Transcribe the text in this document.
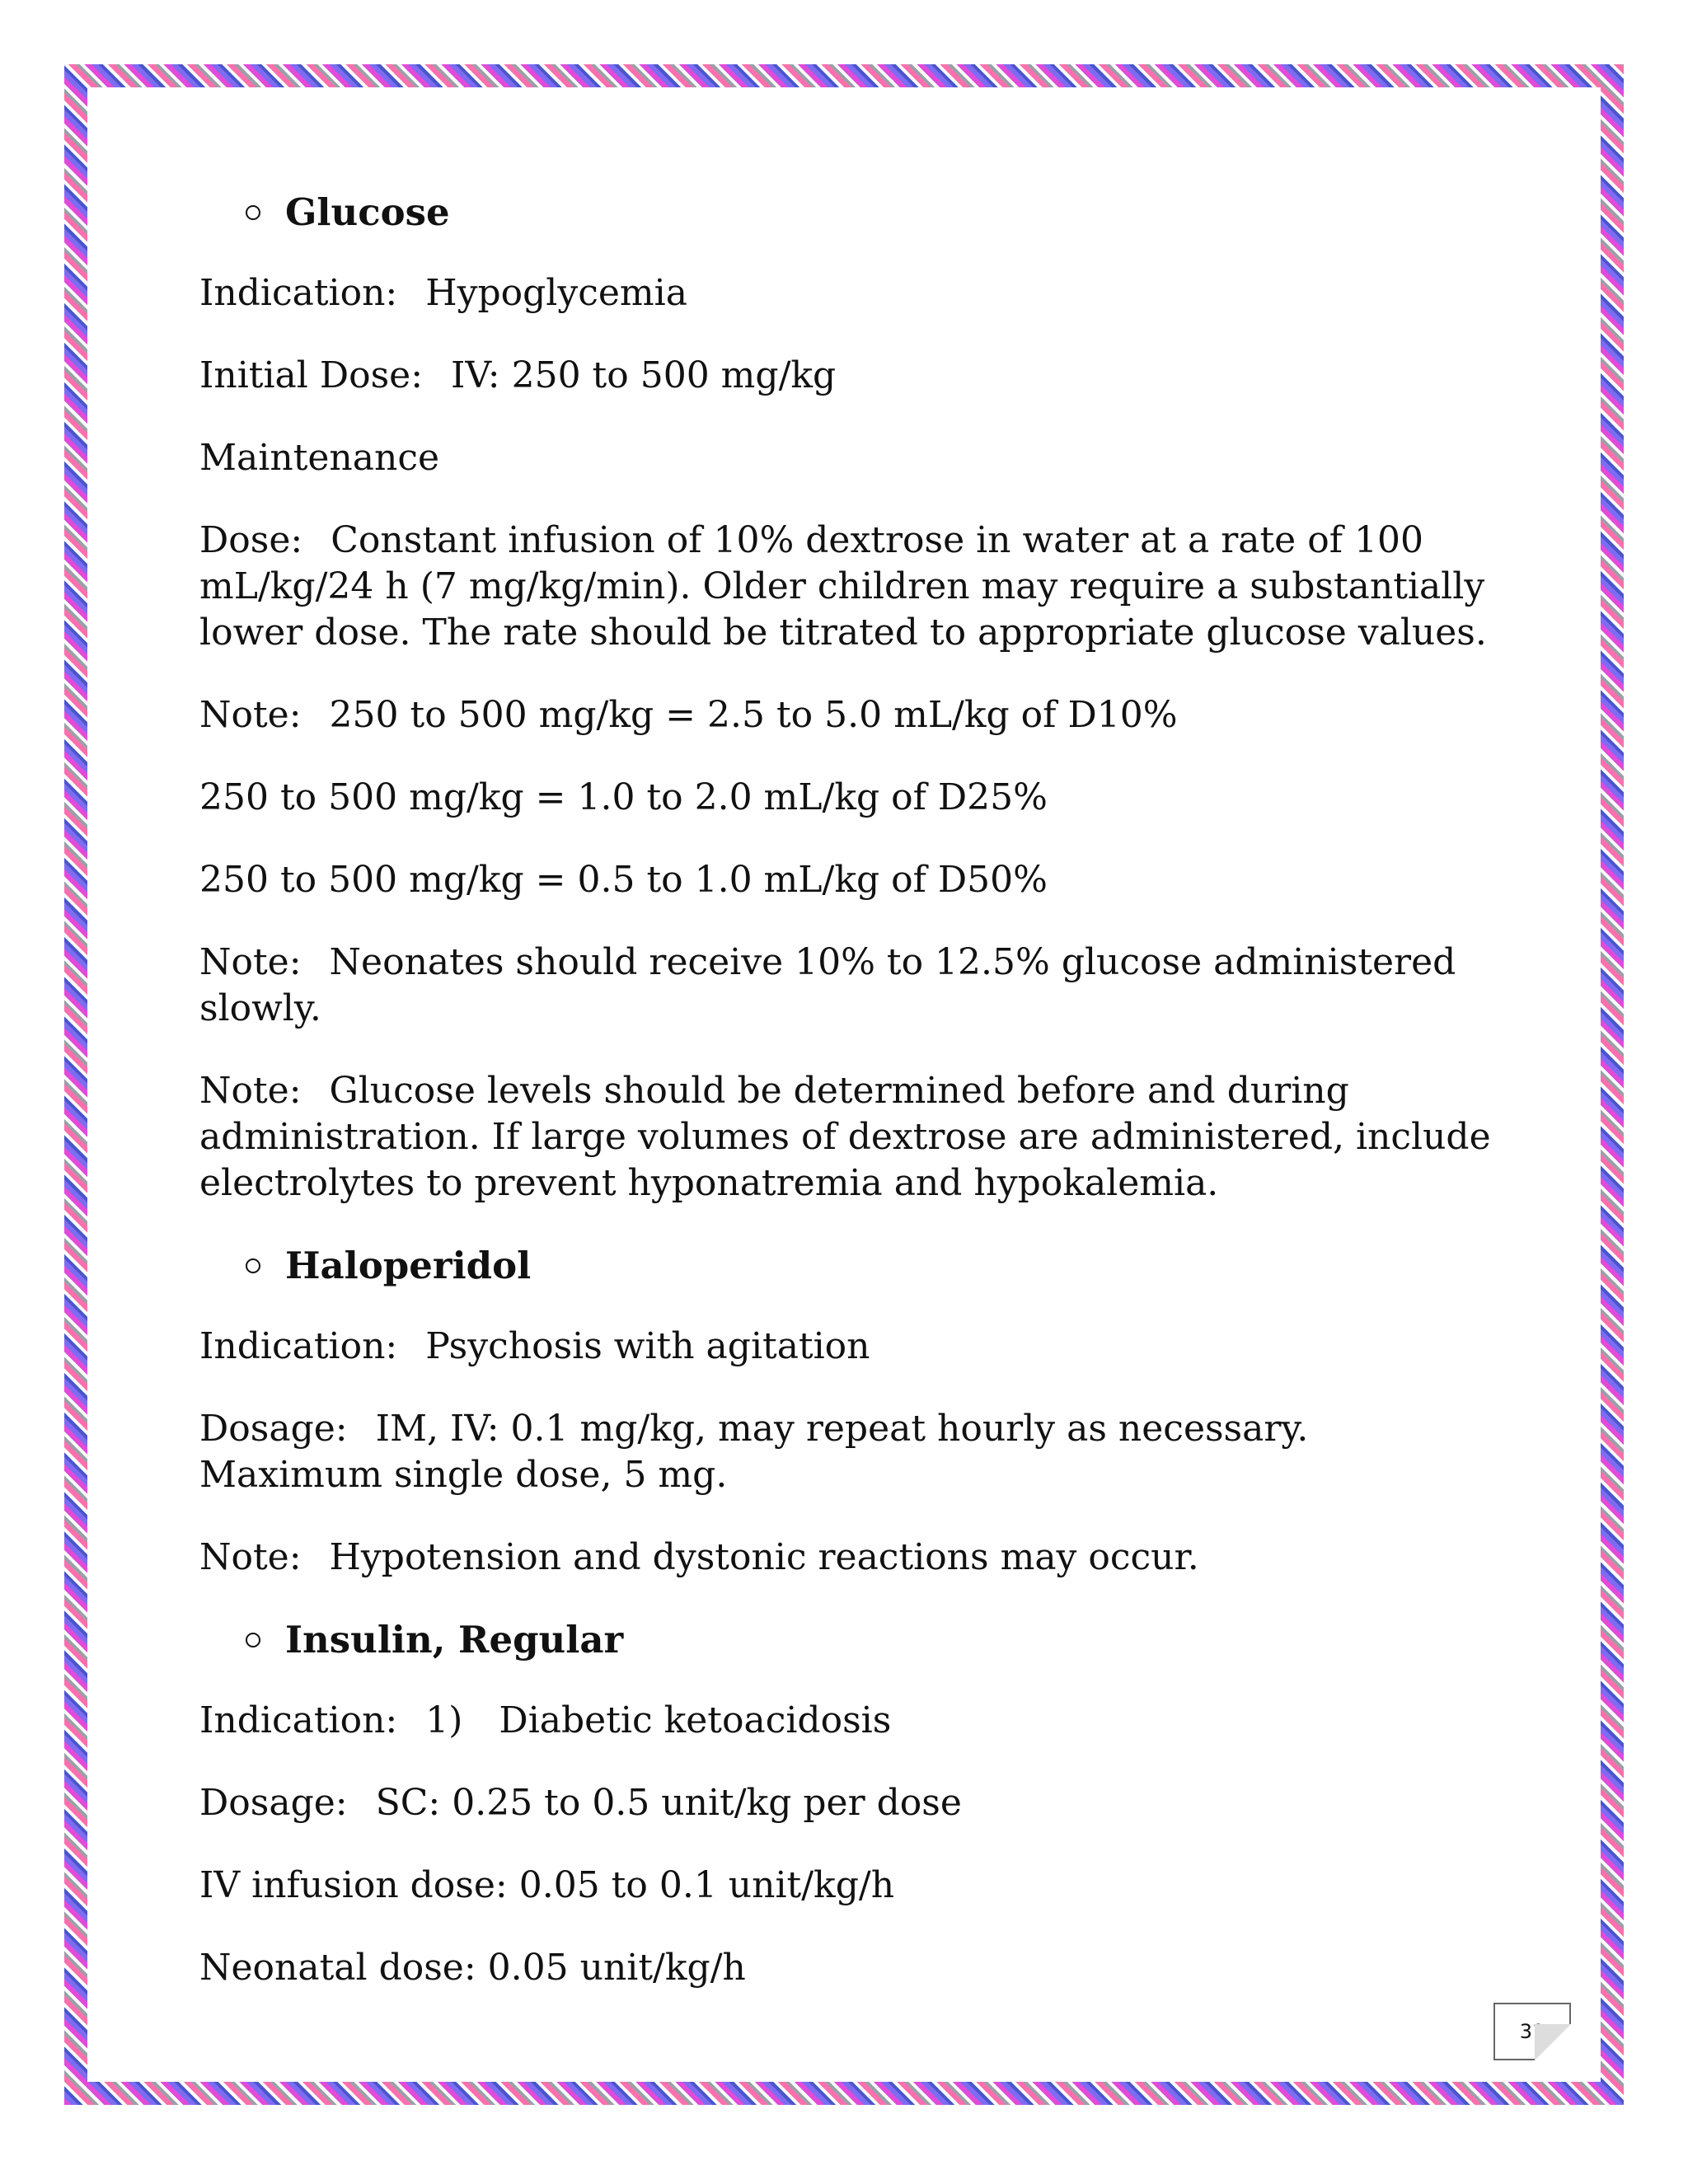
Glucose

Indication: Hypoglycemia

Initial Dose: IV: 250 to 500 mg/kg

Maintenance

Dose: Constant infusion of 10% dextrose in water at a rate of 100 mL/kg/24 h (7 mg/kg/min). Older children may require a substantially lower dose. The rate should be titrated to appropriate glucose values.

Note: 250 to 500 mg/kg = 2.5 to 5.0 mL/kg of D10%

250 to 500 mg/kg = 1.0 to 2.0 mL/kg of D25%

250 to 500 mg/kg = 0.5 to 1.0 mL/kg of D50%

Note: Neonates should receive 10% to 12.5% glucose administered slowly.

Note: Glucose levels should be determined before and during administration. If large volumes of dextrose are administered, include electrolytes to prevent hyponatremia and hypokalemia.

Haloperidol

Indication: Psychosis with agitation

Dosage: IM, IV: 0.1 mg/kg, may repeat hourly as necessary. Maximum single dose, 5 mg.

Note: Hypotension and dystonic reactions may occur.

Insulin, Regular

Indication: 1) Diabetic ketoacidosis

Dosage: SC: 0.25 to 0.5 unit/kg per dose

IV infusion dose: 0.05 to 0.1 unit/kg/h

Neonatal dose: 0.05 unit/kg/h

31
